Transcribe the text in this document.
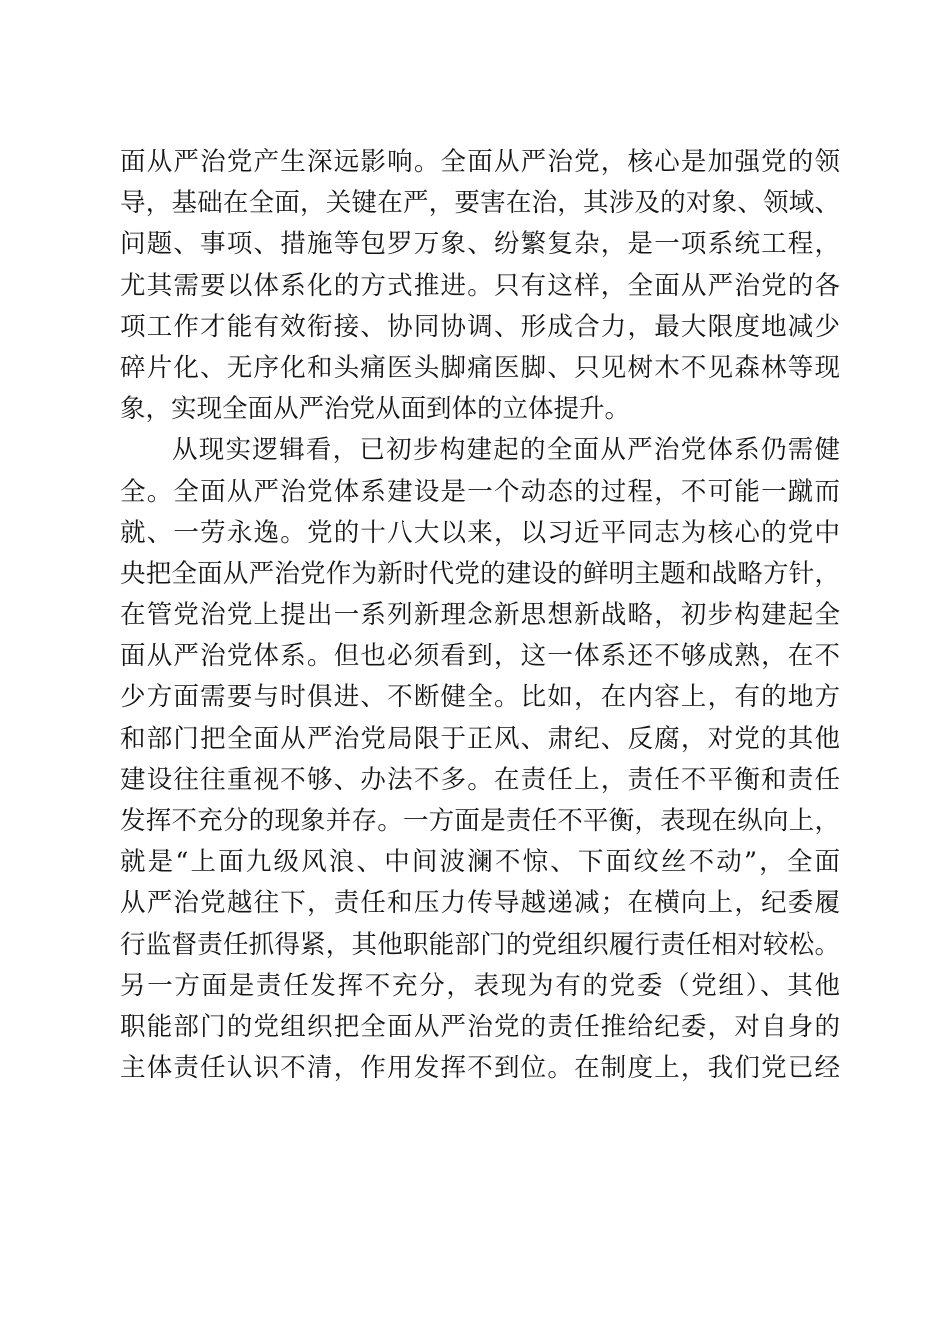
面从严治党产生深远影响。全面从严治党，核心是加强党的领
导，基础在全面，关键在严，要害在治，其涉及的对象、领域、
问题、事项、措施等包罗万象、纷繁复杂，是一项系统工程，
尤其需要以体系化的方式推进。只有这样，全面从严治党的各
项工作才能有效衔接、协同协调、形成合力，最大限度地减少
碎片化、无序化和头痛医头脚痛医脚、只见树木不见森林等现
象，实现全面从严治党从面到体的立体提升。
从现实逻辑看，已初步构建起的全面从严治党体系仍需健
全。全面从严治党体系建设是一个动态的过程，不可能一蹴而
就、一劳永逸。党的十八大以来，以习近平同志为核心的党中
央把全面从严治党作为新时代党的建设的鲜明主题和战略方针，
在管党治党上提出一系列新理念新思想新战略，初步构建起全
面从严治党体系。但也必须看到，这一体系还不够成熟，在不
少方面需要与时俱进、不断健全。比如，在内容上，有的地方
和部门把全面从严治党局限于正风、肃纪、反腐，对党的其他
建设往往重视不够、办法不多。在责任上，责任不平衡和责任
发挥不充分的现象并存。一方面是责任不平衡，表现在纵向上，
就是“上面九级风浪、中间波澜不惊、下面纹丝不动”，全面
从严治党越往下，责任和压力传导越递减；在横向上，纪委履
行监督责任抓得紧，其他职能部门的党组织履行责任相对较松。
另一方面是责任发挥不充分，表现为有的党委（党组）、其他
职能部门的党组织把全面从严治党的责任推给纪委，对自身的
主体责任认识不清，作用发挥不到位。在制度上，我们党已经
